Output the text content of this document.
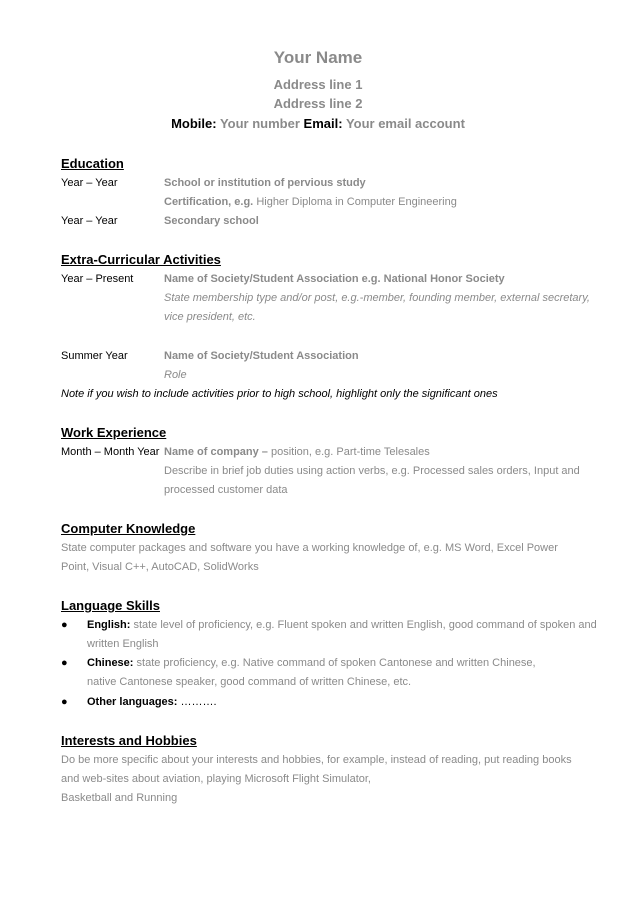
Your Name
Address line 1
Address line 2
Mobile: Your number Email: Your email account
Education
Year – Year	School or institution of pervious study
Certification, e.g. Higher Diploma in Computer Engineering
Year – Year	Secondary school
Extra-Curricular Activities
Year – Present	Name of Society/Student Association e.g. National Honor Society
State membership type and/or post, e.g.-member, founding member, external secretary, vice president, etc.
Summer Year	Name of Society/Student Association
Role
Note if you wish to include activities prior to high school, highlight only the significant ones
Work Experience
Month – Month Year Name of company – position, e.g. Part-time Telesales
Describe in brief job duties using action verbs, e.g. Processed sales orders, Input and processed customer data
Computer Knowledge
State computer packages and software you have a working knowledge of, e.g. MS Word, Excel Power Point, Visual C++, AutoCAD, SolidWorks
Language Skills
● English: state level of proficiency, e.g. Fluent spoken and written English, good command of spoken and written English
● Chinese: state proficiency, e.g. Native command of spoken Cantonese and written Chinese, native Cantonese speaker, good command of written Chinese, etc.
● Other languages: ……….
Interests and Hobbies
Do be more specific about your interests and hobbies, for example, instead of reading, put reading books and web-sites about aviation, playing Microsoft Flight Simulator,
Basketball and Running
